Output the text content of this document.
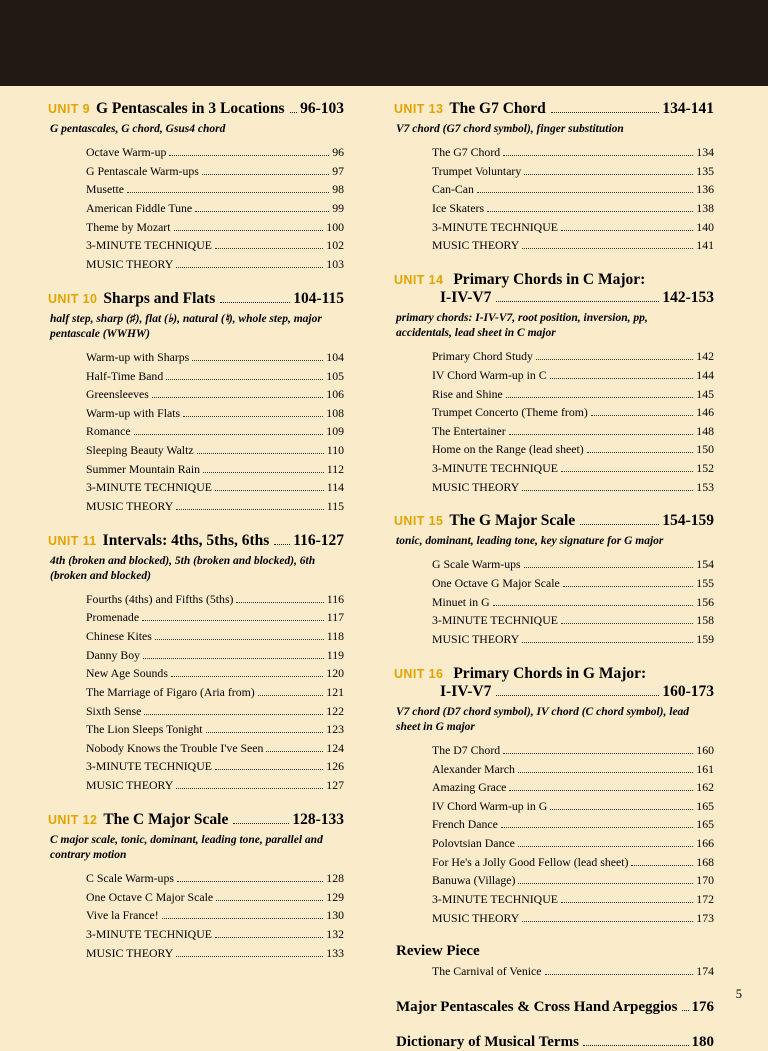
UNIT 9 G Pentascales in 3 Locations 96-103
G pentascales, G chord, Gsus4 chord
Octave Warm-up	96
G Pentascale Warm-ups	97
Musette	98
American Fiddle Tune	99
Theme by Mozart	100
3-MINUTE TECHNIQUE	102
MUSIC THEORY	103
UNIT 10 Sharps and Flats	104-115
half step, sharp (♯), flat (♭), natural (♮), whole step, major pentascale (WWHW)
Warm-up with Sharps	104
Half-Time Band	105
Greensleeves	106
Warm-up with Flats	108
Romance	109
Sleeping Beauty Waltz	110
Summer Mountain Rain	112
3-MINUTE TECHNIQUE	114
MUSIC THEORY	115
UNIT 11 Intervals: 4ths, 5ths, 6ths 116-127
4th (broken and blocked), 5th (broken and blocked), 6th (broken and blocked)
Fourths (4ths) and Fifths (5ths)	116
Promenade	117
Chinese Kites	118
Danny Boy	119
New Age Sounds	120
The Marriage of Figaro (Aria from)	121
Sixth Sense	122
The Lion Sleeps Tonight	123
Nobody Knows the Trouble I've Seen	124
3-MINUTE TECHNIQUE	126
MUSIC THEORY	127
UNIT 12 The C Major Scale	128-133
C major scale, tonic, dominant, leading tone, parallel and contrary motion
C Scale Warm-ups	128
One Octave C Major Scale	129
Vive la France!	130
3-MINUTE TECHNIQUE	132
MUSIC THEORY	133
UNIT 13 The G7 Chord	134-141
V7 chord (G7 chord symbol), finger substitution
The G7 Chord	134
Trumpet Voluntary	135
Can-Can	136
Ice Skaters	138
3-MINUTE TECHNIQUE	140
MUSIC THEORY	141
UNIT 14 Primary Chords in C Major:
I-IV-V7	142-153
primary chords: I-IV-V7, root position, inversion, pp, accidentals, lead sheet in C major
Primary Chord Study	142
IV Chord Warm-up in C	144
Rise and Shine	145
Trumpet Concerto (Theme from)	146
The Entertainer	148
Home on the Range (lead sheet)	150
3-MINUTE TECHNIQUE	152
MUSIC THEORY	153
UNIT 15 The G Major Scale	154-159
tonic, dominant, leading tone, key signature for G major
G Scale Warm-ups	154
One Octave G Major Scale	155
Minuet in G	156
3-MINUTE TECHNIQUE	158
MUSIC THEORY	159
UNIT 16 Primary Chords in G Major:
I-IV-V7	160-173
V7 chord (D7 chord symbol), IV chord (C chord symbol), lead sheet in G major
The D7 Chord	160
Alexander March	161
Amazing Grace	162
IV Chord Warm-up in G	165
French Dance	165
Polovtsian Dance	166
For He's a Jolly Good Fellow (lead sheet)	168
Banuwa (Village)	170
3-MINUTE TECHNIQUE	172
MUSIC THEORY	173
Review Piece
The Carnival of Venice	174
Major Pentascales & Cross Hand Arpeggios 176
Dictionary of Musical Terms	180
5
